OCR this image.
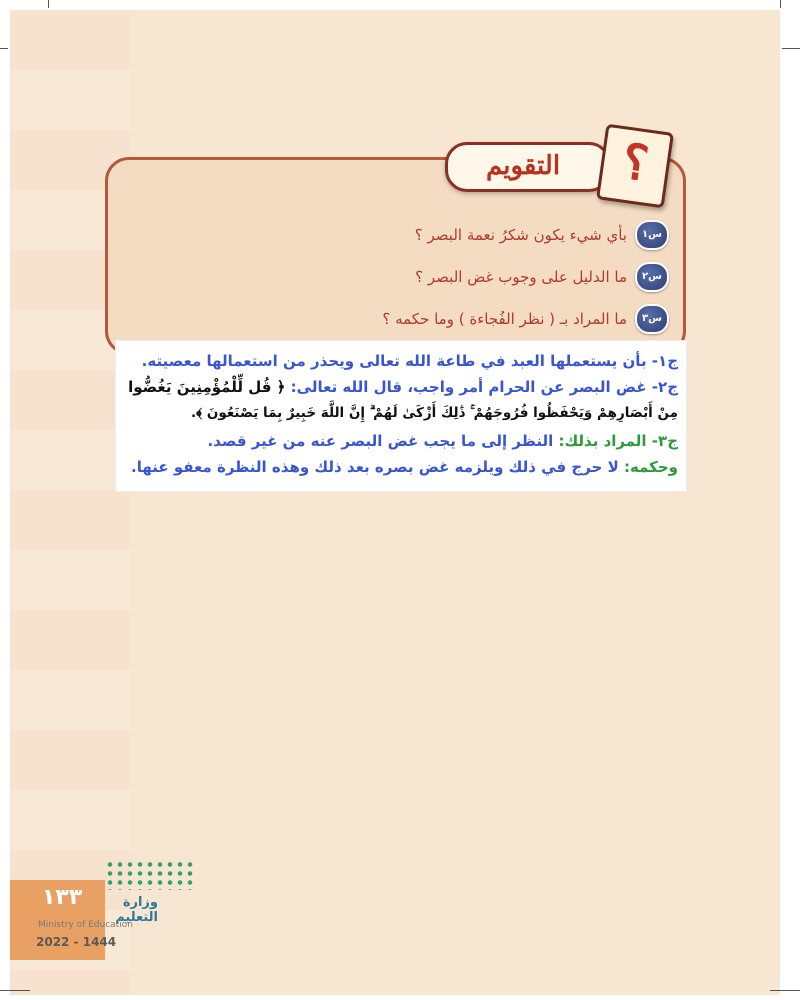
س١
بأي شيء يكون شكرُ نعمة البصر ؟
س٢
ما الدليل على وجوب غض البصر ؟
س٣
ما المراد بـ ( نظر الفُجاءة ) وما حكمه ؟
التقويم	؟
ج١- بأن يستعملها العبد في طاعة الله تعالى ويحذر من استعمالها معصيته.
ج٢- غض البصر عن الحرام أمر واجب، قال الله تعالى: ﴿ قُل لِّلْمُؤْمِنِينَ يَغُضُّوا
مِنْ أَبْصَارِهِمْ وَيَحْفَظُوا فُرُوجَهُمْ ۚ ذَٰلِكَ أَزْكَىٰ لَهُمْ ۗ إِنَّ اللَّهَ خَبِيرٌ بِمَا يَصْنَعُونَ ﴾.
ج٣- المراد بذلك: النظر إلى ما يجب غض البصر عنه من غير قصد.
وحكمه: لا حرج في ذلك ويلزمه غض بصره بعد ذلك وهذه النظرة معفو عنها.
١٣٣	وزارة التعليم
Ministry of Education
2022 - 1444
